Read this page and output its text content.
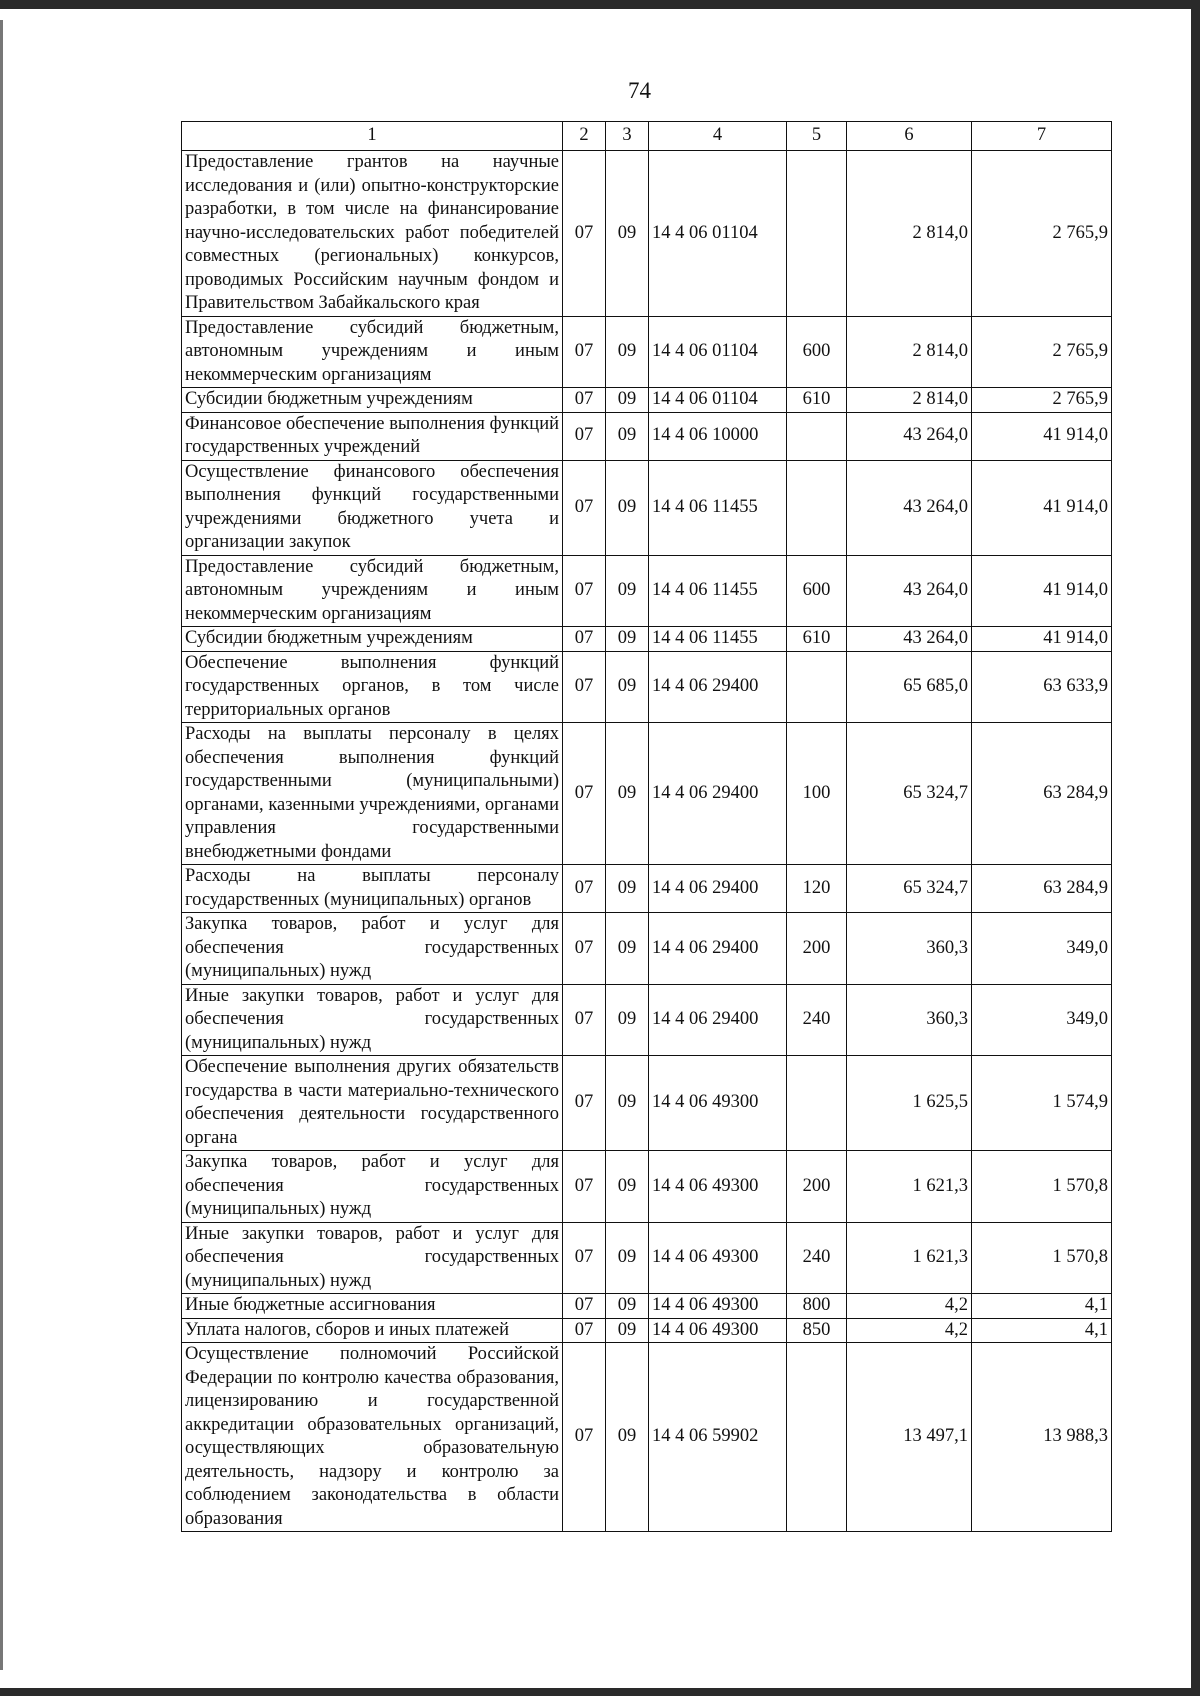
74
1	2	3	4	5	6	7
Предоставление грантов на научные исследования и (или) опытно-конструкторские разработки, в том числе на финансирование научно-исследовательских работ победителей совместных (региональных) конкурсов, проводимых Российским научным фондом и Правительством Забайкальского края	07	09	14 4 06 01104		2 814,0	2 765,9
Предоставление субсидий бюджетным, автономным учреждениям и иным некоммерческим организациям	07	09	14 4 06 01104	600	2 814,0	2 765,9
Субсидии бюджетным учреждениям	07	09	14 4 06 01104	610	2 814,0	2 765,9
Финансовое обеспечение выполнения функций государственных учреждений	07	09	14 4 06 10000		43 264,0	41 914,0
Осуществление финансового обеспечения выполнения функций государственными учреждениями бюджетного учета и организации закупок	07	09	14 4 06 11455		43 264,0	41 914,0
Предоставление субсидий бюджетным, автономным учреждениям и иным некоммерческим организациям	07	09	14 4 06 11455	600	43 264,0	41 914,0
Субсидии бюджетным учреждениям	07	09	14 4 06 11455	610	43 264,0	41 914,0
Обеспечение выполнения функций государственных органов, в том числе территориальных органов	07	09	14 4 06 29400		65 685,0	63 633,9
Расходы на выплаты персоналу в целях обеспечения выполнения функций государственными (муниципальными) органами, казенными учреждениями, органами управления государственными внебюджетными фондами	07	09	14 4 06 29400	100	65 324,7	63 284,9
Расходы на выплаты персоналу государственных (муниципальных) органов	07	09	14 4 06 29400	120	65 324,7	63 284,9
Закупка товаров, работ и услуг для обеспечения государственных (муниципальных) нужд	07	09	14 4 06 29400	200	360,3	349,0
Иные закупки товаров, работ и услуг для обеспечения государственных (муниципальных) нужд	07	09	14 4 06 29400	240	360,3	349,0
Обеспечение выполнения других обязательств государства в части материально-технического обеспечения деятельности государственного органа	07	09	14 4 06 49300		1 625,5	1 574,9
Закупка товаров, работ и услуг для обеспечения государственных (муниципальных) нужд	07	09	14 4 06 49300	200	1 621,3	1 570,8
Иные закупки товаров, работ и услуг для обеспечения государственных (муниципальных) нужд	07	09	14 4 06 49300	240	1 621,3	1 570,8
Иные бюджетные ассигнования	07	09	14 4 06 49300	800	4,2	4,1
Уплата налогов, сборов и иных платежей	07	09	14 4 06 49300	850	4,2	4,1
Осуществление полномочий Российской Федерации по контролю качества образования, лицензированию и государственной аккредитации образовательных организаций, осуществляющих образовательную деятельность, надзору и контролю за соблюдением законодательства в области образования	07	09	14 4 06 59902		13 497,1	13 988,3
